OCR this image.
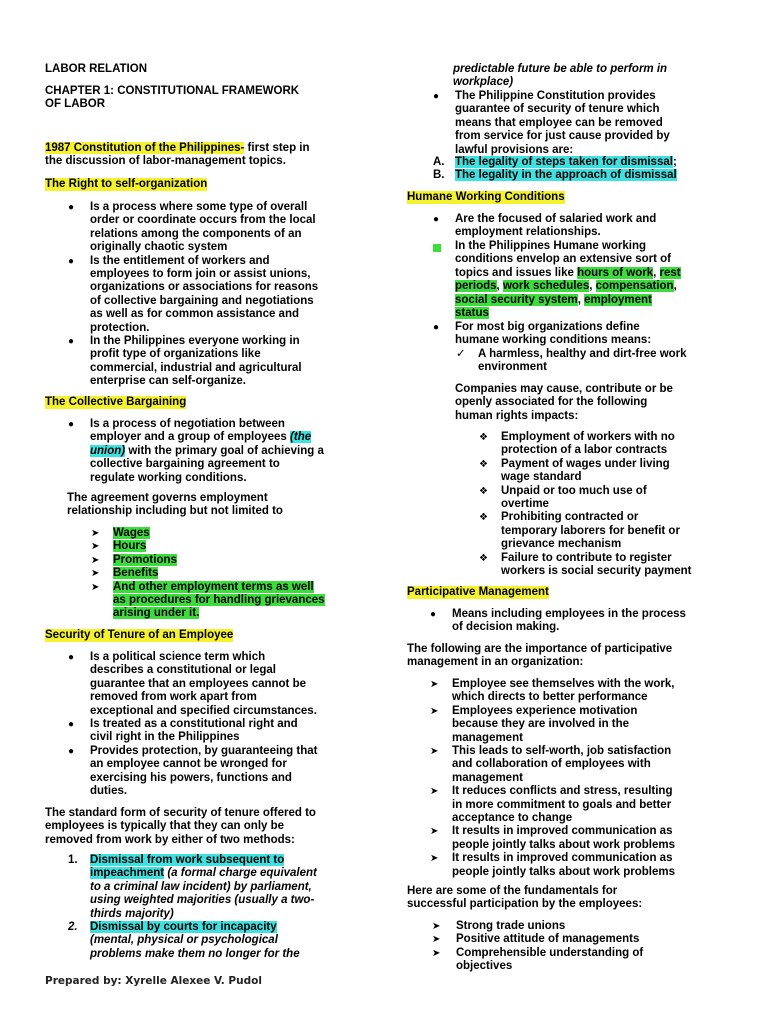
LABOR RELATION
CHAPTER 1: CONSTITUTIONAL FRAMEWORK
OF LABOR
1987 Constitution of the Philippines- first step in
the discussion of labor-management topics.
The Right to self-organization
● Is a process where some type of overall
order or coordinate occurs from the local
relations among the components of an
originally chaotic system
● Is the entitlement of workers and
employees to form join or assist unions,
organizations or associations for reasons
of collective bargaining and negotiations
as well as for common assistance and
protection.
● In the Philippines everyone working in
profit type of organizations like
commercial, industrial and agricultural
enterprise can self-organize.
The Collective Bargaining
● Is a process of negotiation between
employer and a group of employees (the
union) with the primary goal of achieving a
collective bargaining agreement to
regulate working conditions.
The agreement governs employment
relationship including but not limited to
➤ Wages
➤ Hours
➤ Promotions
➤ Benefits
➤ And other employment terms as well
as procedures for handling grievances
arising under it.
Security of Tenure of an Employee
● Is a political science term which
describes a constitutional or legal
guarantee that an employees cannot be
removed from work apart from
exceptional and specified circumstances.
● Is treated as a constitutional right and
civil right in the Philippines
● Provides protection, by guaranteeing that
an employee cannot be wronged for
exercising his powers, functions and
duties.
The standard form of security of tenure offered to
employees is typically that they can only be
removed from work by either of two methods:
1. Dismissal from work subsequent to
impeachment (a formal charge equivalent
to a criminal law incident) by parliament,
using weighted majorities (usually a two-
thirds majority)
2. Dismissal by courts for incapacity
(mental, physical or psychological
problems make them no longer for the
Prepared by: Xyrelle Alexee V. Pudol
predictable future be able to perform in
workplace)
● The Philippine Constitution provides
guarantee of security of tenure which
means that employee can be removed
from service for just cause provided by
lawful provisions are:
A. The legality of steps taken for dismissal;
B. The legality in the approach of dismissal
Humane Working Conditions
● Are the focused of salaried work and
employment relationships.
In the Philippines Humane working
conditions envelop an extensive sort of
topics and issues like hours of work, rest
periods, work schedules, compensation,
social security system, employment
status
● For most big organizations define
humane working conditions means:
✓ A harmless, healthy and dirt-free work
environment
Companies may cause, contribute or be
openly associated for the following
human rights impacts:
❖ Employment of workers with no
protection of a labor contracts
❖ Payment of wages under living
wage standard
❖ Unpaid or too much use of
overtime
❖ Prohibiting contracted or
temporary laborers for benefit or
grievance mechanism
❖ Failure to contribute to register
workers is social security payment
Participative Management
● Means including employees in the process
of decision making.
The following are the importance of participative
management in an organization:
➤ Employee see themselves with the work,
which directs to better performance
➤ Employees experience motivation
because they are involved in the
management
➤ This leads to self-worth, job satisfaction
and collaboration of employees with
management
➤ It reduces conflicts and stress, resulting
in more commitment to goals and better
acceptance to change
➤ It results in improved communication as
people jointly talks about work problems
➤ It results in improved communication as
people jointly talks about work problems
Here are some of the fundamentals for
successful participation by the employees:
➤ Strong trade unions
➤ Positive attitude of managements
➤ Comprehensible understanding of
objectives
